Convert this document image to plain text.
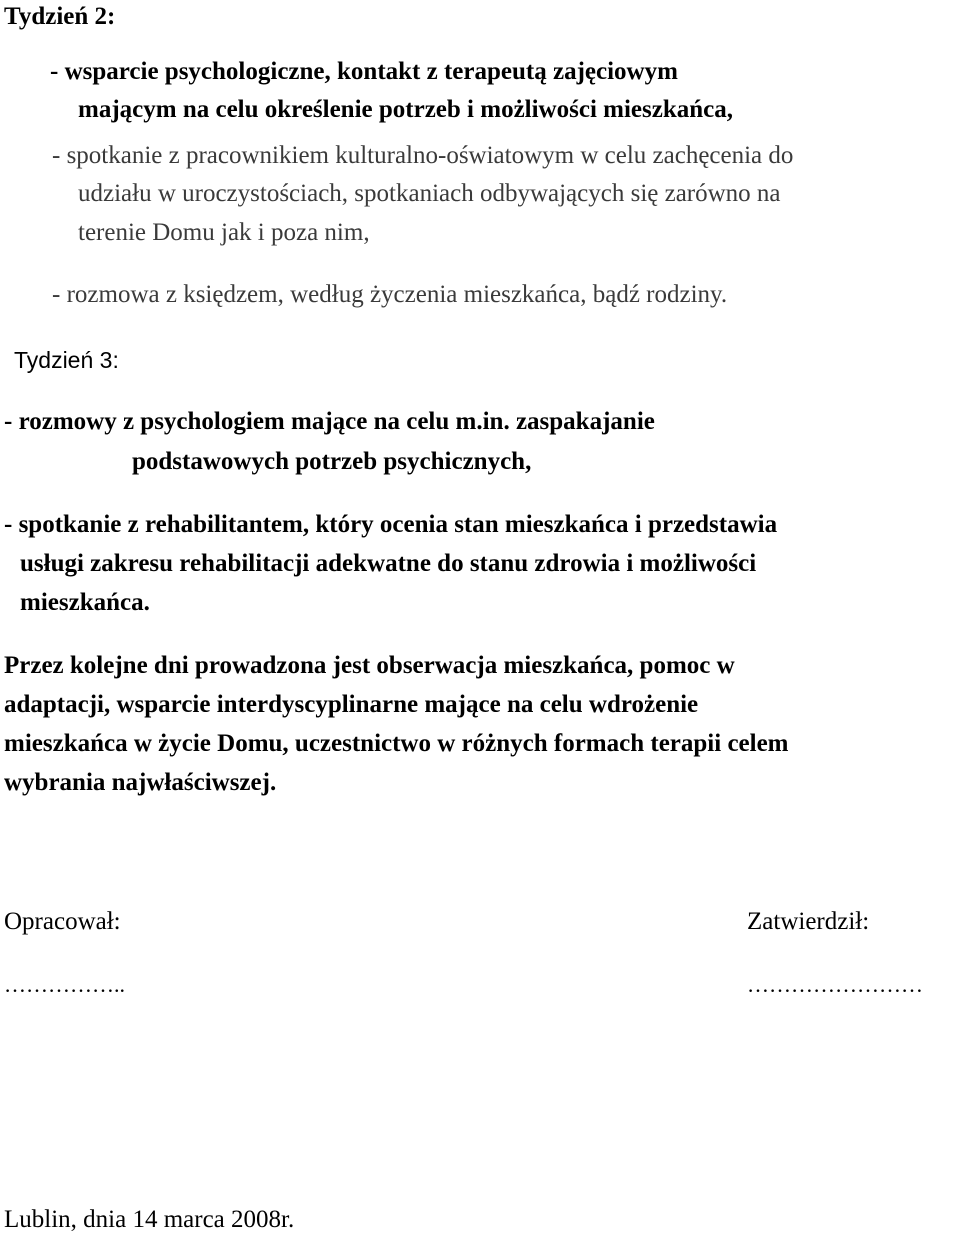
Tydzień 2:

- wsparcie psychologiczne, kontakt z terapeutą zajęciowym

mającym na celu określenie potrzeb i możliwości mieszkańca,

- spotkanie z pracownikiem kulturalno-oświatowym w celu zachęcenia do

udziału w uroczystościach, spotkaniach odbywających się zarówno na

terenie Domu jak i poza nim,

- rozmowa z księdzem, według życzenia mieszkańca, bądź rodziny.

Tydzień 3:

- rozmowy z psychologiem mające na celu m.in. zaspakajanie

podstawowych potrzeb psychicznych,

- spotkanie z rehabilitantem, który ocenia stan mieszkańca i przedstawia

usługi zakresu rehabilitacji adekwatne do stanu zdrowia i możliwości

mieszkańca.

Przez kolejne dni prowadzona jest obserwacja mieszkańca, pomoc w

adaptacji, wsparcie interdyscyplinarne mające na celu wdrożenie

mieszkańca w życie Domu, uczestnictwo w różnych formach terapii celem

wybrania najwłaściwszej.

Opracował:

……………..

Zatwierdził:

……………………

Lublin, dnia 14 marca 2008r.
